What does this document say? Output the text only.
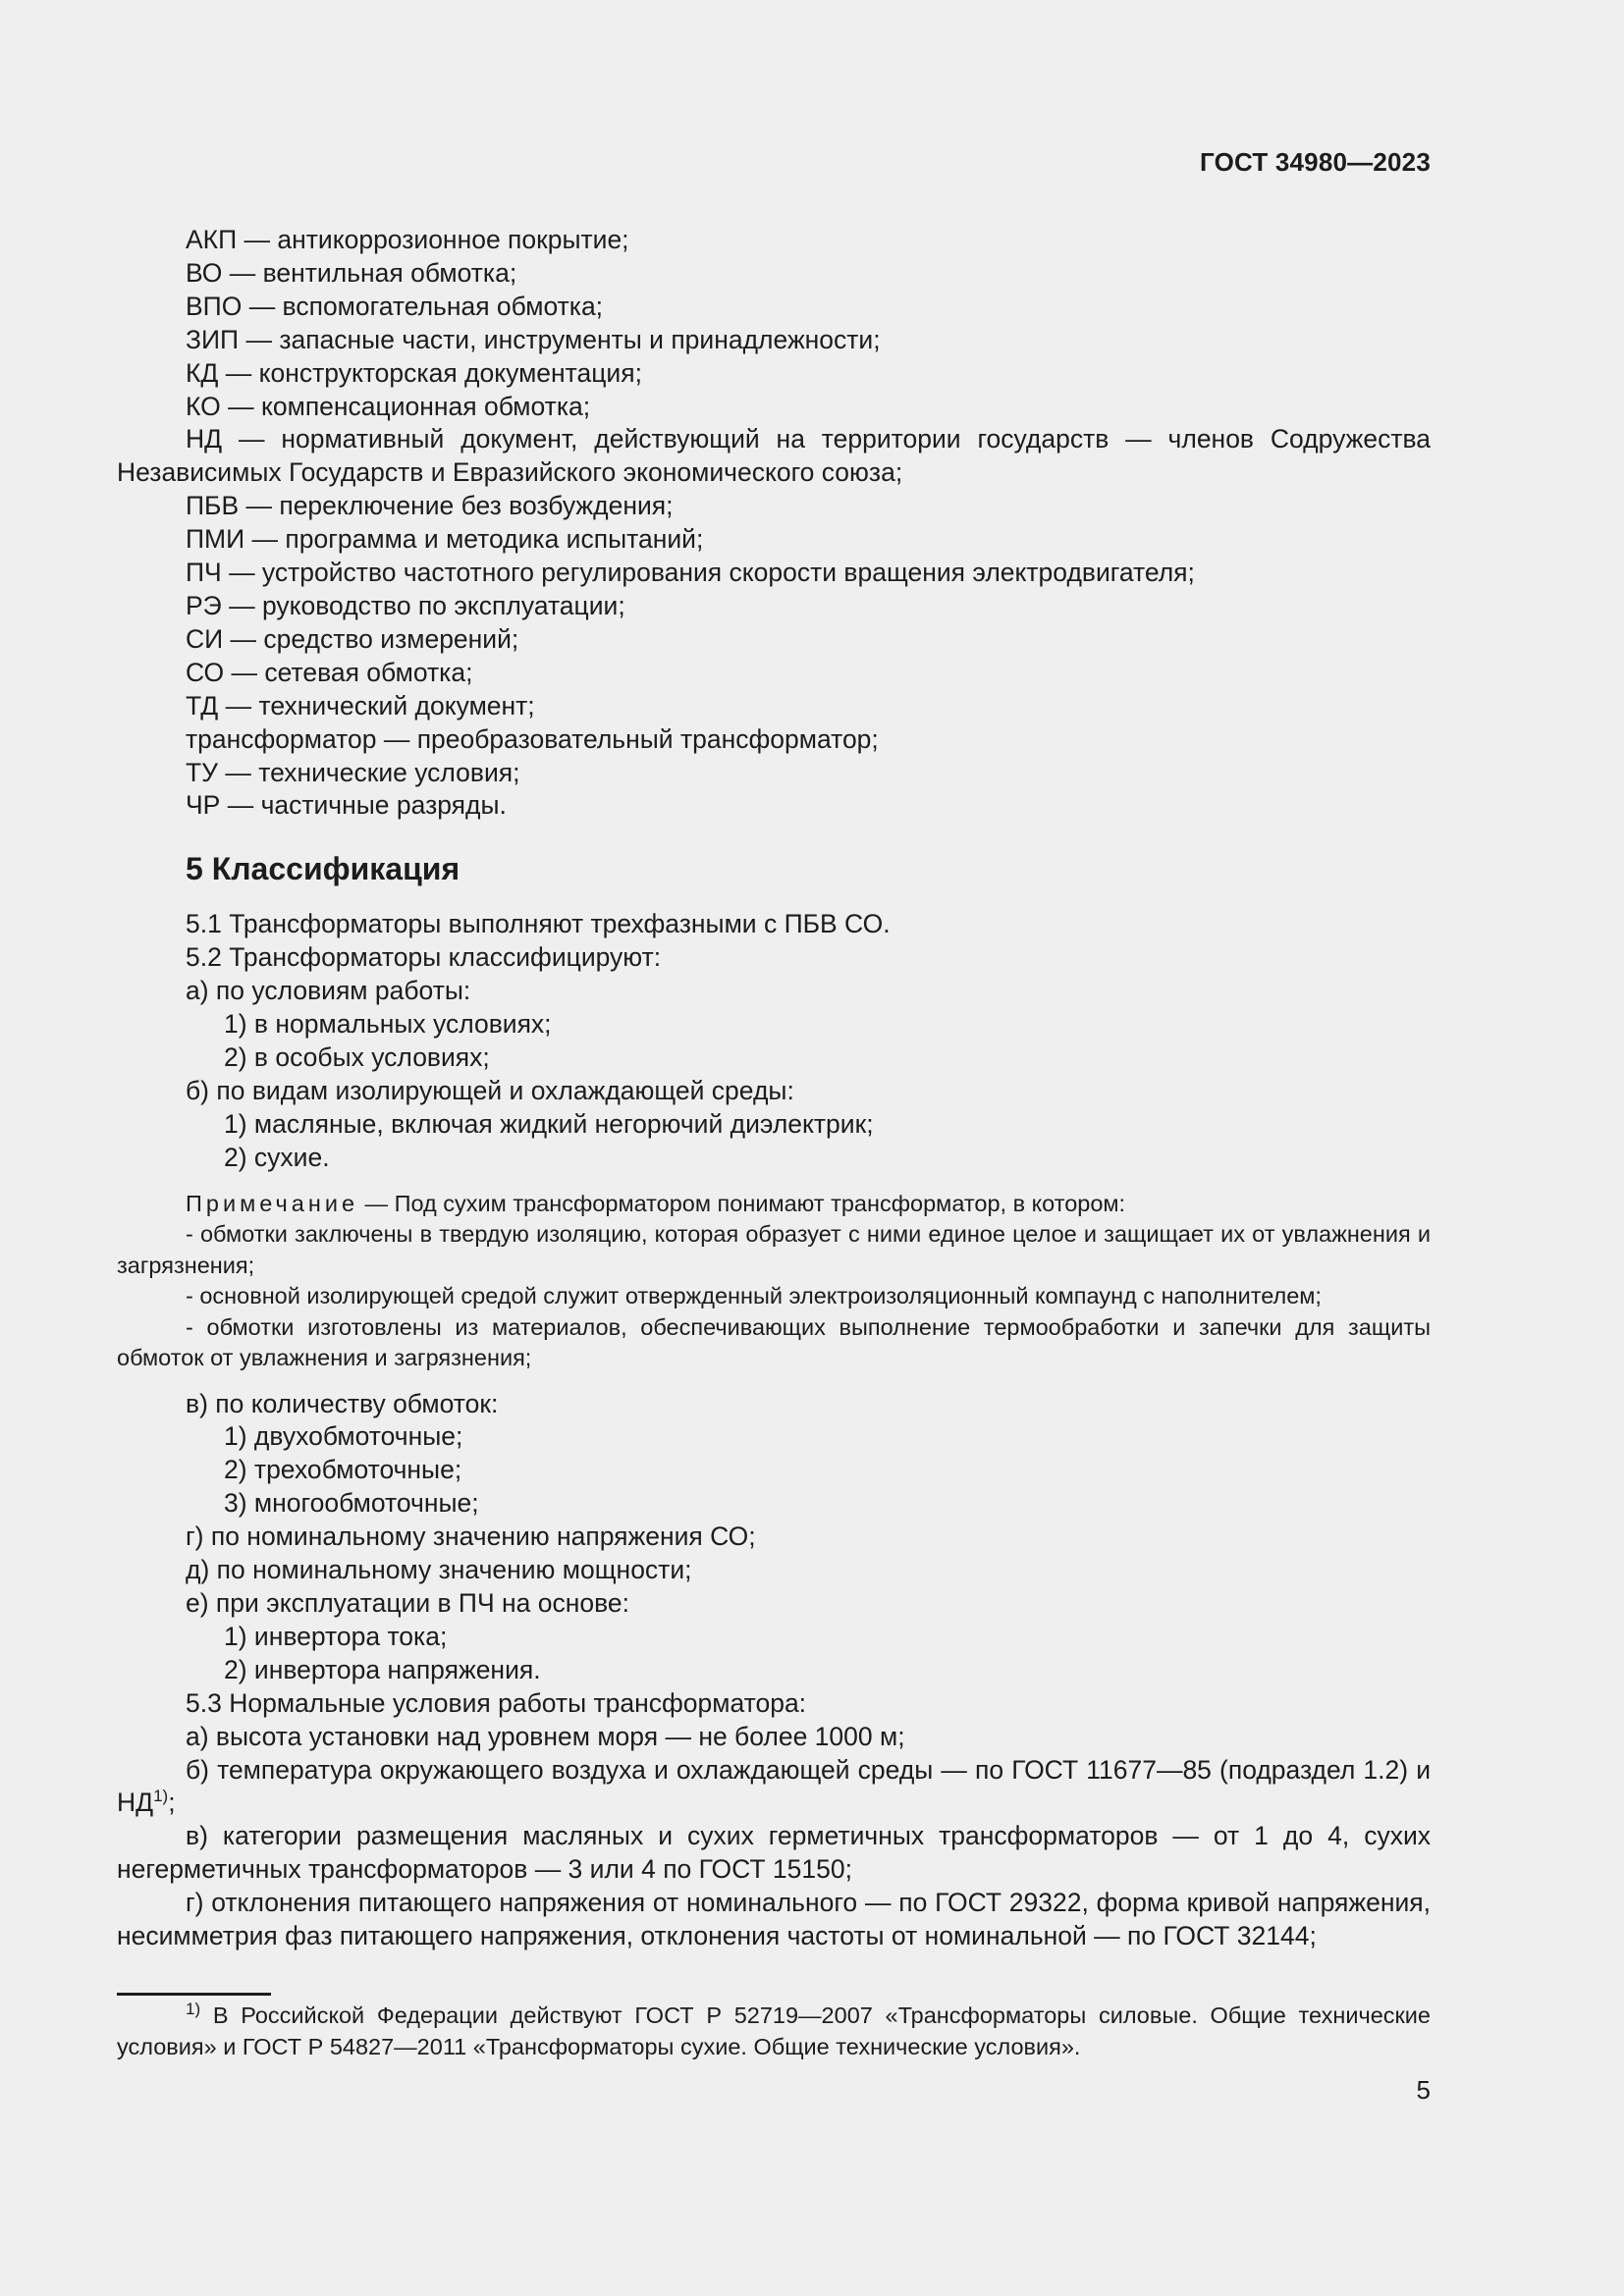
ГОСТ 34980—2023

АКП — антикоррозионное покрытие;

ВО — вентильная обмотка;

ВПО — вспомогательная обмотка;

ЗИП — запасные части, инструменты и принадлежности;

КД — конструкторская документация;

КО — компенсационная обмотка;

НД — нормативный документ, действующий на территории государств — членов Содружества Независимых Государств и Евразийского экономического союза;

ПБВ — переключение без возбуждения;

ПМИ — программа и методика испытаний;

ПЧ — устройство частотного регулирования скорости вращения электродвигателя;

РЭ — руководство по эксплуатации;

СИ — средство измерений;

СО — сетевая обмотка;

ТД — технический документ;

трансформатор — преобразовательный трансформатор;

ТУ — технические условия;

ЧР — частичные разряды.

5 Классификация

5.1 Трансформаторы выполняют трехфазными с ПБВ СО.

5.2 Трансформаторы классифицируют:

а) по условиям работы:

1) в нормальных условиях;

2) в особых условиях;

б) по видам изолирующей и охлаждающей среды:

1) масляные, включая жидкий негорючий диэлектрик;

2) сухие.

Примечание — Под сухим трансформатором понимают трансформатор, в котором:

- обмотки заключены в твердую изоляцию, которая образует с ними единое целое и защищает их от увлажнения и загрязнения;

- основной изолирующей средой служит отвержденный электроизоляционный компаунд с наполнителем;

- обмотки изготовлены из материалов, обеспечивающих выполнение термообработки и запечки для защиты обмоток от увлажнения и загрязнения;

в) по количеству обмоток:

1) двухобмоточные;

2) трехобмоточные;

3) многообмоточные;

г) по номинальному значению напряжения СО;

д) по номинальному значению мощности;

е) при эксплуатации в ПЧ на основе:

1) инвертора тока;

2) инвертора напряжения.

5.3 Нормальные условия работы трансформатора:

а) высота установки над уровнем моря — не более 1000 м;

б) температура окружающего воздуха и охлаждающей среды — по ГОСТ 11677—85 (подраздел 1.2) и НД$^{1)}$;

в) категории размещения масляных и сухих герметичных трансформаторов — от 1 до 4, сухих негерметичных трансформаторов — 3 или 4 по ГОСТ 15150;

г) отклонения питающего напряжения от номинального — по ГОСТ 29322, форма кривой напряжения, несимметрия фаз питающего напряжения, отклонения частоты от номинальной — по ГОСТ 32144;

$^{1)}$ В Российской Федерации действуют ГОСТ Р 52719—2007 «Трансформаторы силовые. Общие технические условия» и ГОСТ Р 54827—2011 «Трансформаторы сухие. Общие технические условия».

5
